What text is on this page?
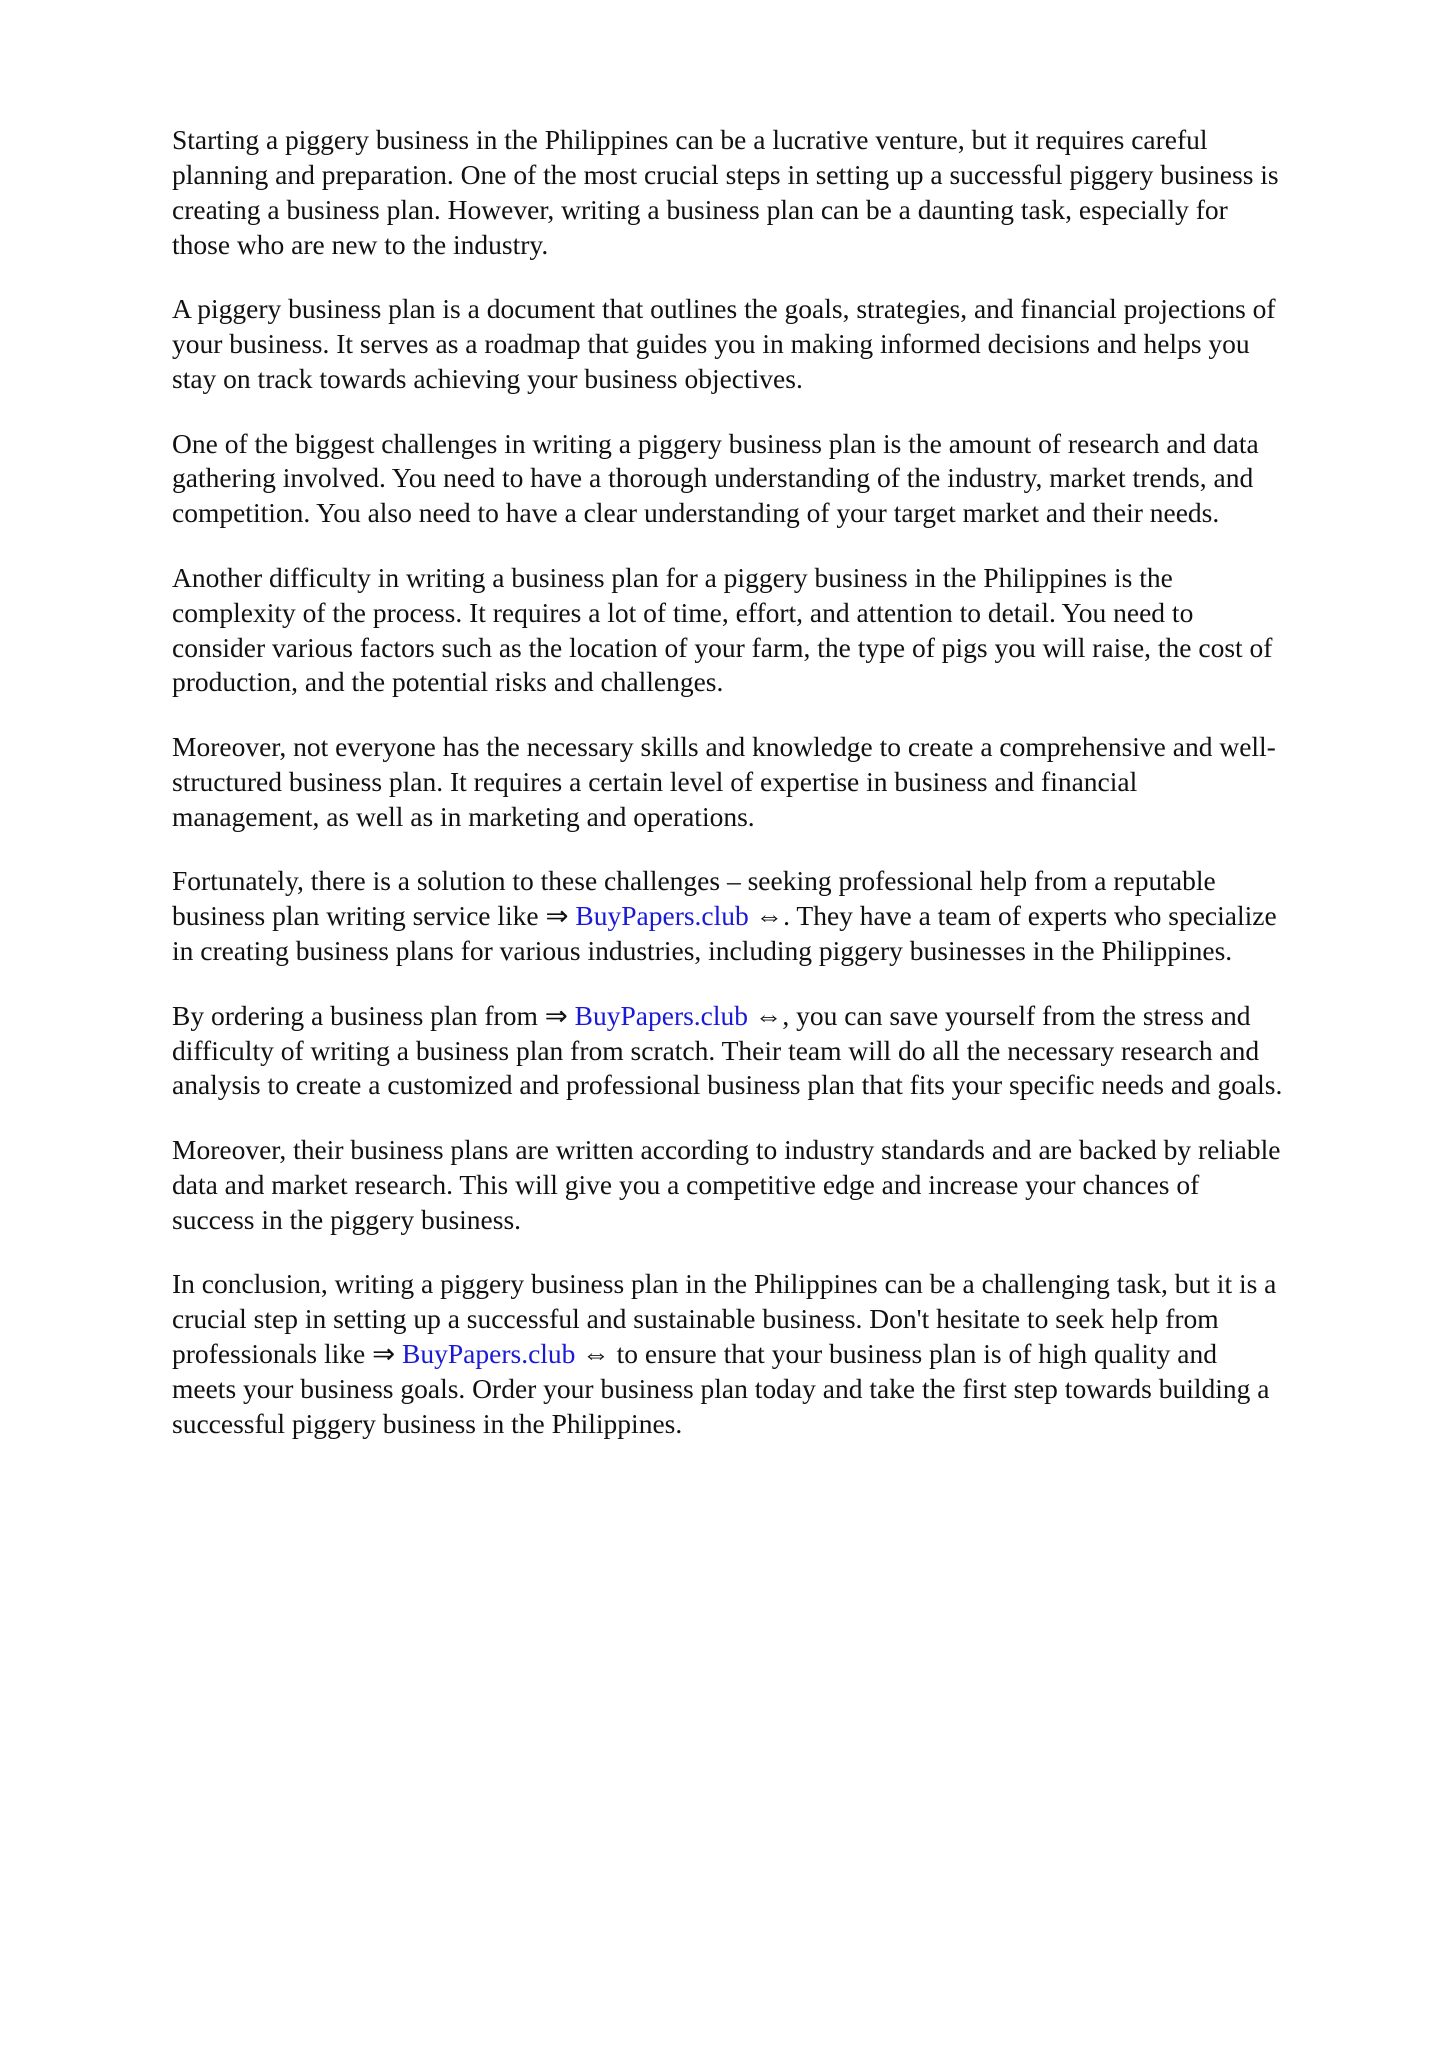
Starting a piggery business in the Philippines can be a lucrative venture, but it requires careful
planning and preparation. One of the most crucial steps in setting up a successful piggery business is
creating a business plan. However, writing a business plan can be a daunting task, especially for
those who are new to the industry.

A piggery business plan is a document that outlines the goals, strategies, and financial projections of
your business. It serves as a roadmap that guides you in making informed decisions and helps you
stay on track towards achieving your business objectives.

One of the biggest challenges in writing a piggery business plan is the amount of research and data
gathering involved. You need to have a thorough understanding of the industry, market trends, and
competition. You also need to have a clear understanding of your target market and their needs.

Another difficulty in writing a business plan for a piggery business in the Philippines is the
complexity of the process. It requires a lot of time, effort, and attention to detail. You need to
consider various factors such as the location of your farm, the type of pigs you will raise, the cost of
production, and the potential risks and challenges.

Moreover, not everyone has the necessary skills and knowledge to create a comprehensive and well-
structured business plan. It requires a certain level of expertise in business and financial
management, as well as in marketing and operations.

Fortunately, there is a solution to these challenges – seeking professional help from a reputable
business plan writing service like ⇒ BuyPapers.club ⇔. They have a team of experts who specialize
in creating business plans for various industries, including piggery businesses in the Philippines.

By ordering a business plan from ⇒ BuyPapers.club ⇔, you can save yourself from the stress and
difficulty of writing a business plan from scratch. Their team will do all the necessary research and
analysis to create a customized and professional business plan that fits your specific needs and goals.

Moreover, their business plans are written according to industry standards and are backed by reliable
data and market research. This will give you a competitive edge and increase your chances of
success in the piggery business.

In conclusion, writing a piggery business plan in the Philippines can be a challenging task, but it is a
crucial step in setting up a successful and sustainable business. Don't hesitate to seek help from
professionals like ⇒ BuyPapers.club ⇔ to ensure that your business plan is of high quality and
meets your business goals. Order your business plan today and take the first step towards building a
successful piggery business in the Philippines.
